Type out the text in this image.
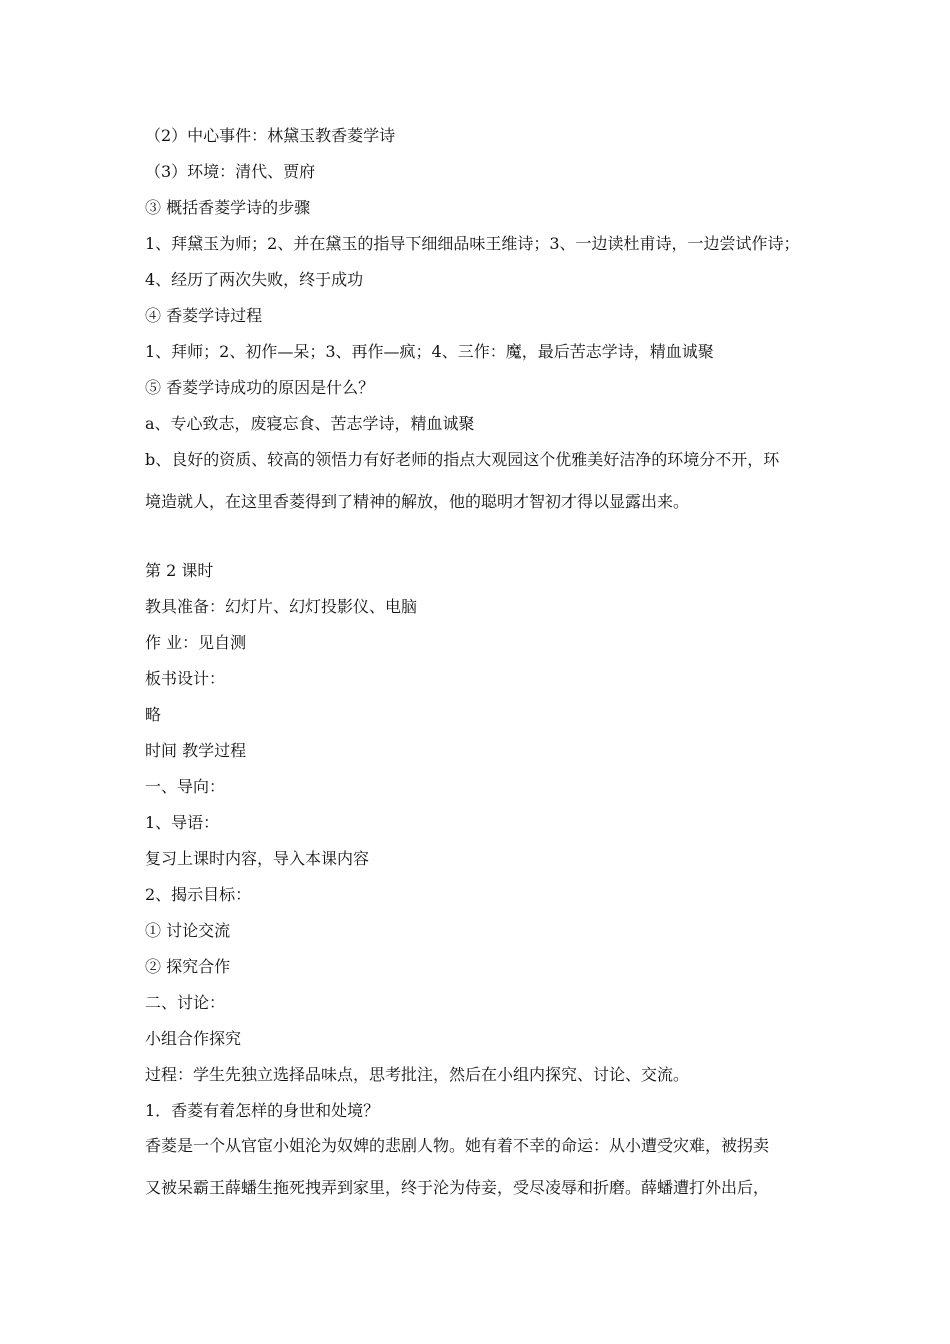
（2）中心事件：林黛玉教香菱学诗
（3）环境：清代、贾府
③ 概括香菱学诗的步骤
1、拜黛玉为师；2、并在黛玉的指导下细细品味王维诗；3、一边读杜甫诗，一边尝试作诗；
4、经历了两次失败，终于成功
④ 香菱学诗过程
1、拜师；2、初作—呆；3、再作—疯；4、三作：魔，最后苦志学诗，精血诚聚
⑤ 香菱学诗成功的原因是什么？
a、专心致志，废寝忘食、苦志学诗，精血诚聚
b、良好的资质、较高的领悟力有好老师的指点大观园这个优雅美好洁净的环境分不开，环
境造就人，在这里香菱得到了精神的解放，他的聪明才智初才得以显露出来。
第 2 课时
教具准备：幻灯片、幻灯投影仪、电脑
作 业：见自测
板书设计：
略
时间 教学过程
一、导向：
1、导语：
复习上课时内容，导入本课内容
2、揭示目标：
① 讨论交流
② 探究合作
二、讨论：
小组合作探究
过程：学生先独立选择品味点，思考批注，然后在小组内探究、讨论、交流。
1．香菱有着怎样的身世和处境？
香菱是一个从官宦小姐沦为奴婢的悲剧人物。她有着不幸的命运：从小遭受灾难，被拐卖
又被呆霸王薛蟠生拖死拽弄到家里，终于沦为侍妾，受尽凌辱和折磨。薛蟠遭打外出后，
